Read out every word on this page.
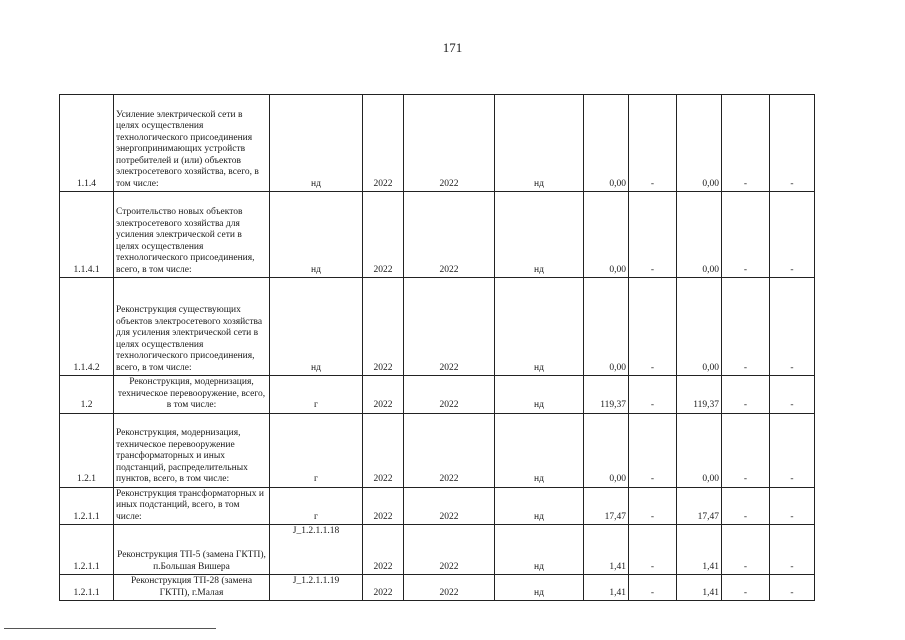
171
1.1.4	Усиление электрической сети в целях осуществления технологического присоединения энергопринимающих устройств потребителей и (или) объектов электросетевого хозяйства, всего, в том числе:	нд	2022	2022	нд	0,00	-	0,00	-	-
1.1.4.1	Строительство новых объектов электросетевого хозяйства для усиления электрической сети в целях осуществления технологического присоединения, всего, в том числе:	нд	2022	2022	нд	0,00	-	0,00	-	-
1.1.4.2	Реконструкция существующих объектов электросетевого хозяйства для усиления электрической сети в целях осуществления технологического присоединения, всего, в том числе:	нд	2022	2022	нд	0,00	-	0,00	-	-
1.2	Реконструкция, модернизация, техническое перевооружение, всего, в том числе:	г	2022	2022	нд	119,37	-	119,37	-	-
1.2.1	Реконструкция, модернизация, техническое перевооружение трансформаторных и иных подстанций, распределительных пунктов, всего, в том числе:	г	2022	2022	нд	0,00	-	0,00	-	-
1.2.1.1	Реконструкция трансформаторных и иных подстанций, всего, в том числе:	г	2022	2022	нд	17,47	-	17,47	-	-
1.2.1.1	Реконструкция ТП-5 (замена ГКТП), п.Большая Вишера	J_1.2.1.1.18	2022	2022	нд	1,41	-	1,41	-	-
1.2.1.1	Реконструкция ТП-28 (замена ГКТП), г.Малая	J_1.2.1.1.19	2022	2022	нд	1,41	-	1,41	-	-
